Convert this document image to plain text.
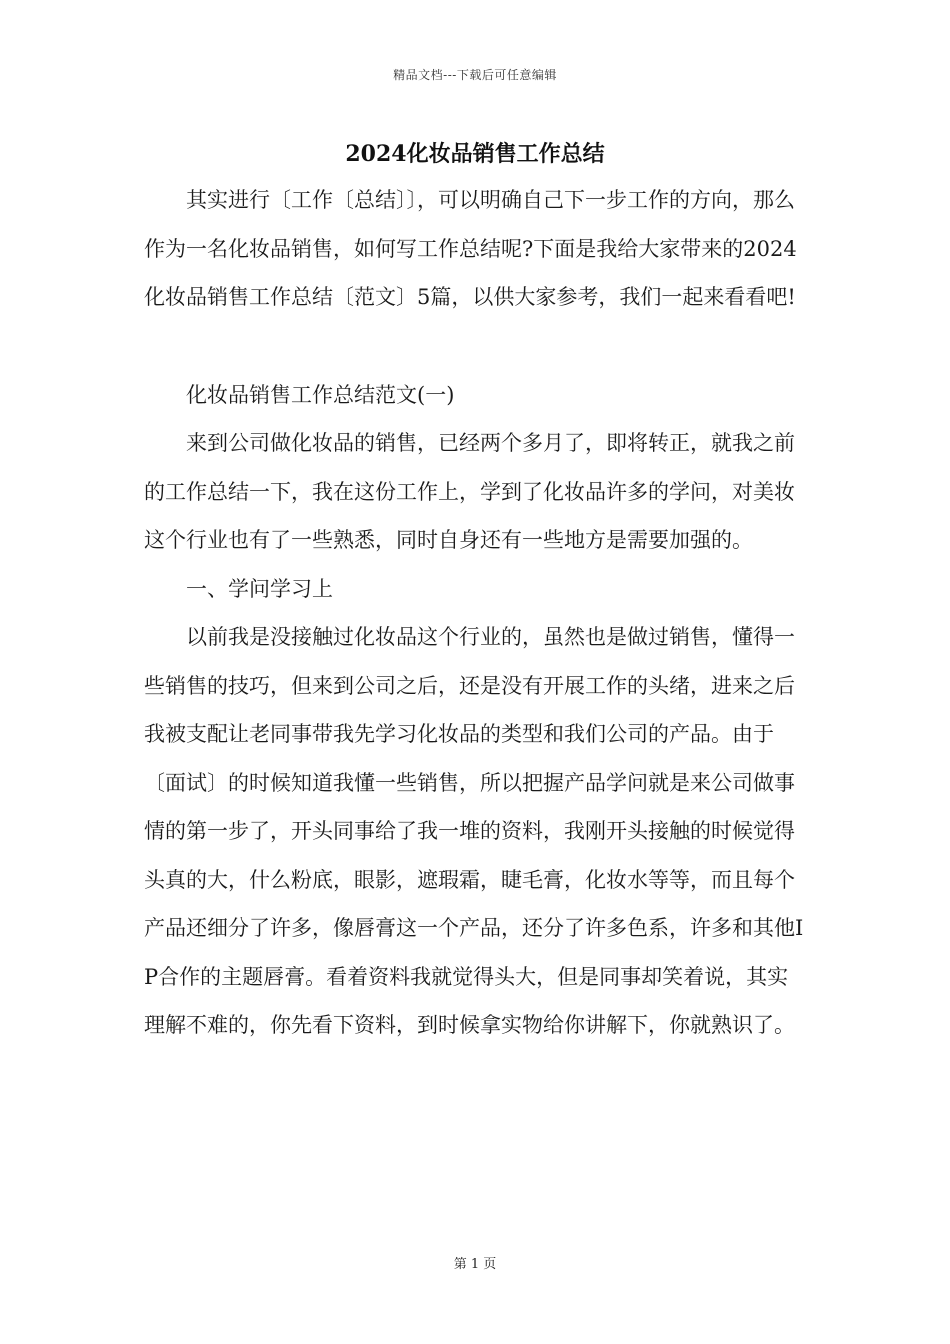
精品文档---下载后可任意编辑
2024化妆品销售工作总结

其实进行〔工作〔总结〕〕，可以明确自己下一步工作的方向，那么作为一名化妆品销售，如何写工作总结呢?下面是我给大家带来的2024化妆品销售工作总结〔范文〕5篇，以供大家参考，我们一起来看看吧!

化妆品销售工作总结范文(一)

来到公司做化妆品的销售，已经两个多月了，即将转正，就我之前的工作总结一下，我在这份工作上，学到了化妆品许多的学问，对美妆这个行业也有了一些熟悉，同时自身还有一些地方是需要加强的。

一、学问学习上

以前我是没接触过化妆品这个行业的，虽然也是做过销售，懂得一些销售的技巧，但来到公司之后，还是没有开展工作的头绪，进来之后我被支配让老同事带我先学习化妆品的类型和我们公司的产品。由于〔面试〕的时候知道我懂一些销售，所以把握产品学问就是来公司做事情的第一步了，开头同事给了我一堆的资料，我刚开头接触的时候觉得头真的大，什么粉底，眼影，遮瑕霜，睫毛膏，化妆水等等，而且每个产品还细分了许多，像唇膏这一个产品，还分了许多色系，许多和其他IP合作的主题唇膏。看着资料我就觉得头大，但是同事却笑着说，其实理解不难的，你先看下资料，到时候拿实物给你讲解下，你就熟识了。

第 1 页
